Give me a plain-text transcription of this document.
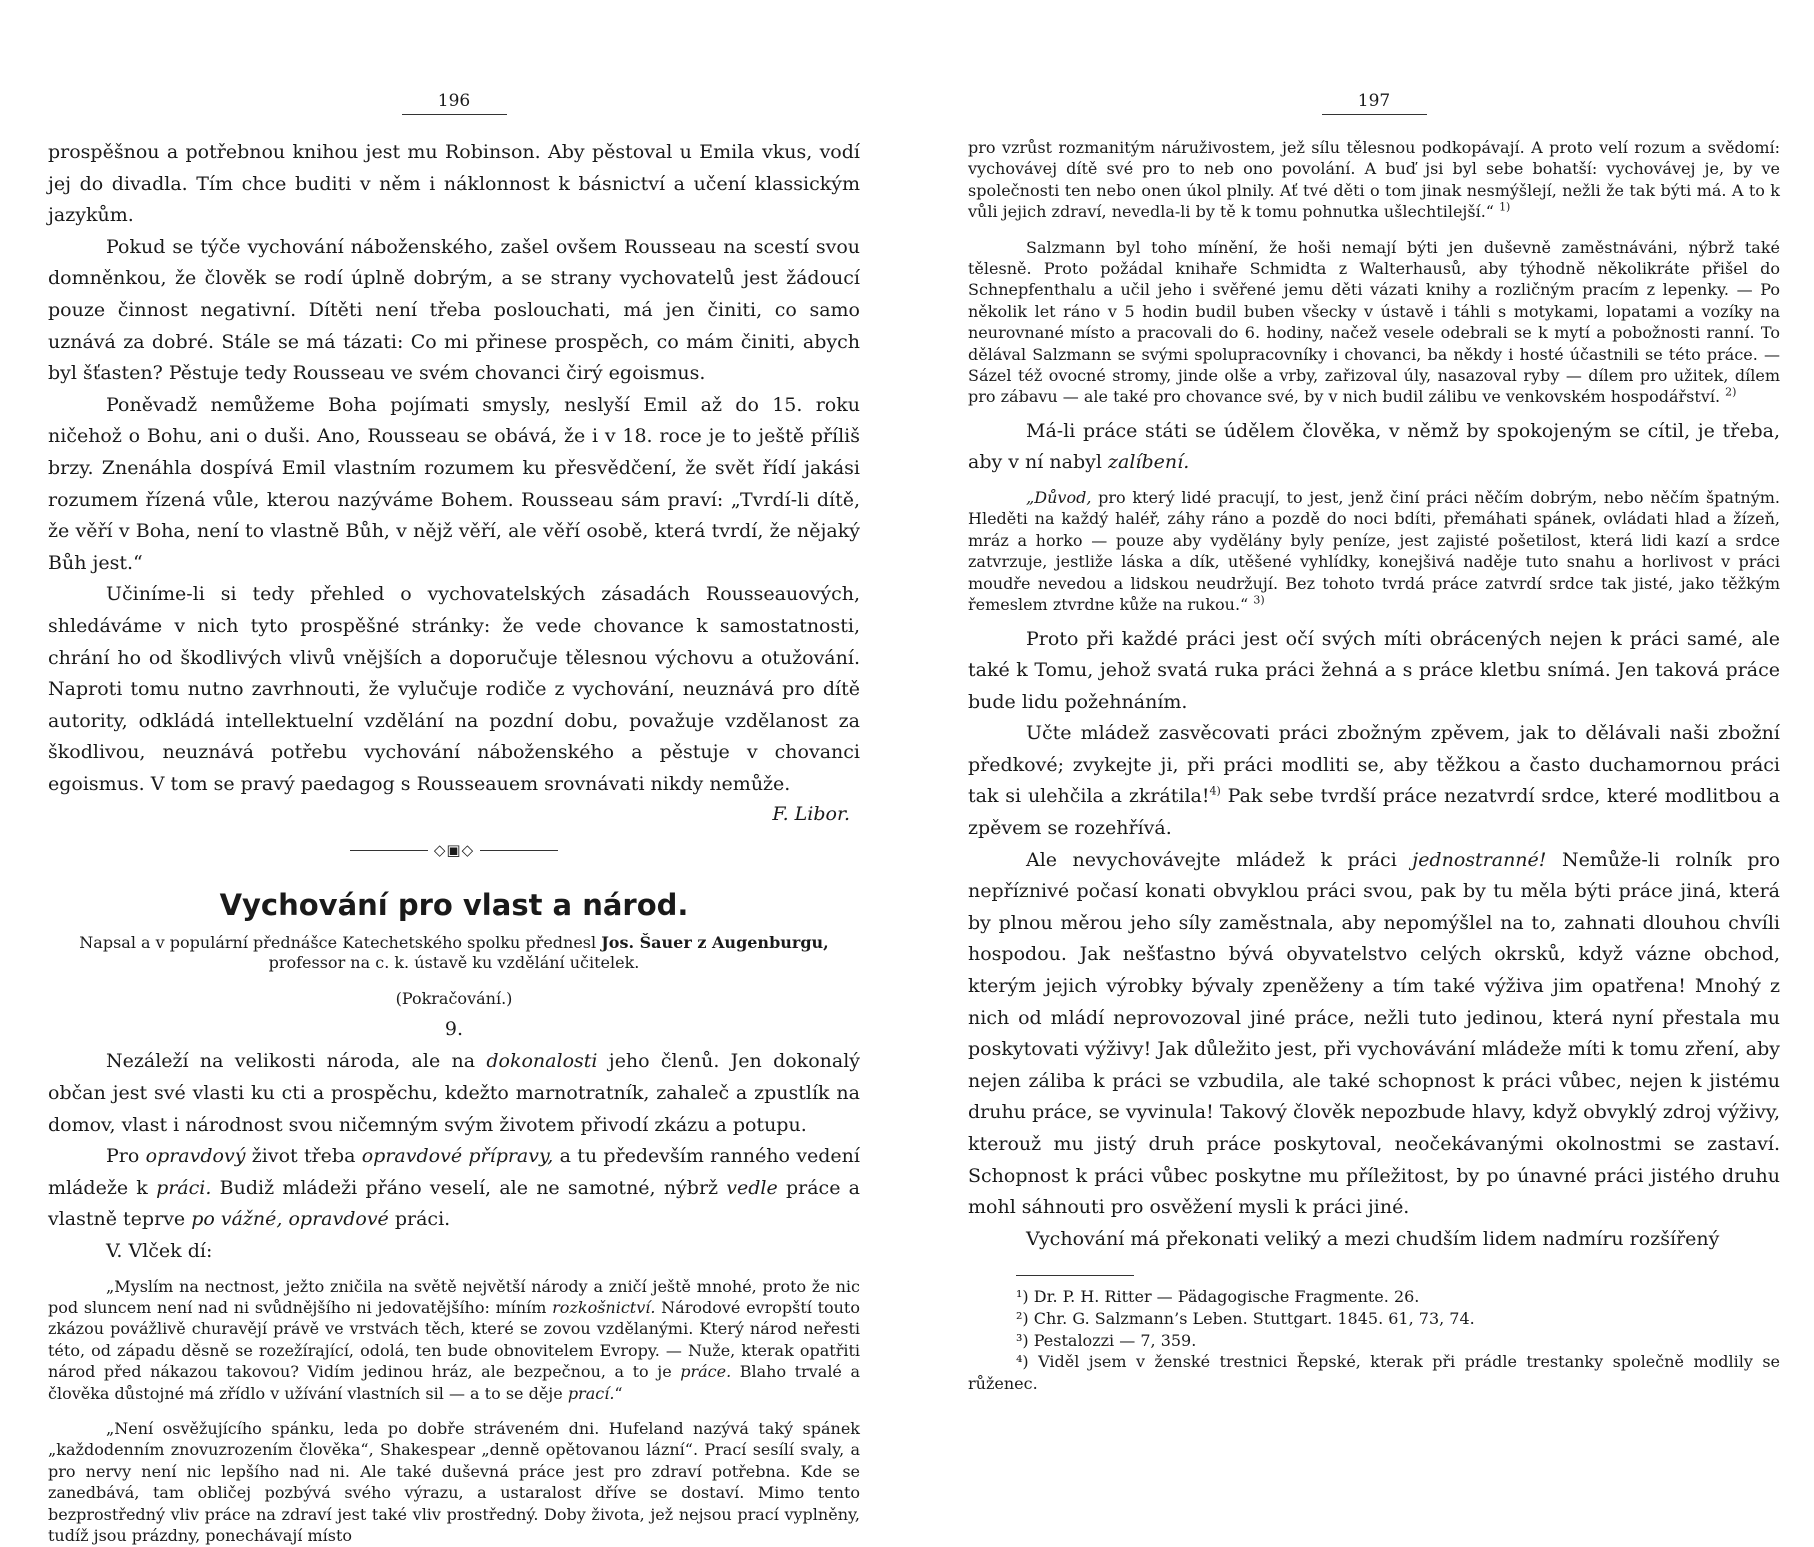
196

prospěšnou a potřebnou knihou jest mu Robinson. Aby pěstoval u Emila vkus, vodí jej do divadla. Tím chce buditi v něm i náklonnost k básnictví a učení klassickým jazykům.

Pokud se týče vychování náboženského, zašel ovšem Rousseau na scestí svou domněnkou, že člověk se rodí úplně dobrým, a se strany vychovatelů jest žádoucí pouze činnost negativní. Dítěti není třeba poslouchati, má jen činiti, co samo uznává za dobré. Stále se má tázati: Co mi přinese prospěch, co mám činiti, abych byl šťasten? Pěstuje tedy Rousseau ve svém chovanci čirý egoismus.

Poněvadž nemůžeme Boha pojímati smysly, neslyší Emil až do 15. roku ničehož o Bohu, ani o duši. Ano, Rousseau se obává, že i v 18. roce je to ještě příliš brzy. Znenáhla dospívá Emil vlastním rozumem ku přesvědčení, že svět řídí jakási rozumem řízená vůle, kterou nazýváme Bohem. Rousseau sám praví: „Tvrdí-li dítě, že věří v Boha, není to vlastně Bůh, v nějž věří, ale věří osobě, která tvrdí, že nějaký Bůh jest.“

Učiníme-li si tedy přehled o vychovatelských zásadách Rousseauových, shledáváme v nich tyto prospěšné stránky: že vede chovance k samostatnosti, chrání ho od škodlivých vlivů vnějších a doporučuje tělesnou výchovu a otužování. Naproti tomu nutno zavrhnouti, že vylučuje rodiče z vychování, neuznává pro dítě autority, odkládá intellektuelní vzdělání na pozdní dobu, považuje vzdělanost za škodlivou, neuznává potřebu vychování náboženského a pěstuje v chovanci egoismus. V tom se pravý paedagog s Rousseauem srovnávati nikdy nemůže.

F. Libor.
◇▣◇
Vychování pro vlast a národ.

Napsal a v populární přednášce Katechetského spolku přednesl Jos. Šauer z Augenburgu,
professor na c. k. ústavě ku vzdělání učitelek.

(Pokračování.)
9.

Nezáleží na velikosti národa, ale na dokonalosti jeho členů. Jen dokonalý občan jest své vlasti ku cti a prospěchu, kdežto marnotratník, zahaleč a zpustlík na domov, vlast i národnost svou ničemným svým životem přivodí zkázu a potupu.

Pro opravdový život třeba opravdové přípravy, a tu především ranného vedení mládeže k práci. Budiž mládeži přáno veselí, ale ne samotné, nýbrž vedle práce a vlastně teprve po vážné, opravdové práci.

V. Vlček dí:

„Myslím na nectnost, ježto zničila na světě největší národy a zničí ještě mnohé, proto že nic pod sluncem není nad ni svůdnějšího ni jedovatějšího: míním rozkošnictví. Národové evropští touto zkázou povážlivě churavějí právě ve vrstvách těch, které se zovou vzdělanými. Který národ neřesti této, od západu děsně se rozežírající, odolá, ten bude obnovitelem Evropy. — Nuže, kterak opatřiti národ před nákazou takovou? Vidím jedinou hráz, ale bezpečnou, a to je práce. Blaho trvalé a člověka důstojné má zřídlo v užívání vlastních sil — a to se děje prací.“

„Není osvěžujícího spánku, leda po dobře stráveném dni. Hufeland nazývá taký spánek „každodenním znovuzrozením člověka“, Shakespear „denně opětovanou lázní“. Prací sesílí svaly, a pro nervy není nic lepšího nad ni. Ale také duševná práce jest pro zdraví potřebna. Kde se zanedbává, tam obličej pozbývá svého výrazu, a ustaralost dříve se dostaví. Mimo tento bezprostředný vliv práce na zdraví jest také vliv prostředný. Doby života, jež nejsou prací vyplněny, tudíž jsou prázdny, ponechávají místo

197

pro vzrůst rozmanitým náruživostem, jež sílu tělesnou podkopávají. A proto velí rozum a svědomí: vychovávej dítě své pro to neb ono povolání. A buď jsi byl sebe bohatší: vychovávej je, by ve společnosti ten nebo onen úkol plnily. Ať tvé děti o tom jinak nesmýšlejí, nežli že tak býti má. A to k vůli jejich zdraví, nevedla-li by tě k tomu pohnutka ušlechtilejší.“ $^{1)}$

Salzmann byl toho mínění, že hoši nemají býti jen duševně zaměstnáváni, nýbrž také tělesně. Proto požádal knihaře Schmidta z Walterhausů, aby týhodně několikráte přišel do Schnepfenthalu a učil jeho i svěřené jemu děti vázati knihy a rozličným pracím z lepenky. — Po několik let ráno v 5 hodin budil buben všecky v ústavě i táhli s motykami, lopatami a vozíky na neurovnané místo a pracovali do 6. hodiny, načež vesele odebrali se k mytí a pobožnosti ranní. To dělával Salzmann se svými spolupracovníky i chovanci, ba někdy i hosté účastnili se této práce. — Sázel též ovocné stromy, jinde olše a vrby, zařizoval úly, nasazoval ryby — dílem pro užitek, dílem pro zábavu — ale také pro chovance své, by v nich budil zálibu ve venkovském hospodářství. $^{2)}$

Má-li práce státi se údělem člověka, v němž by spokojeným se cítil, je třeba, aby v ní nabyl zalíbení.

„Důvod, pro který lidé pracují, to jest, jenž činí práci něčím dobrým, nebo něčím špatným. Hleděti na každý haléř, záhy ráno a pozdě do noci bdíti, přemáhati spánek, ovládati hlad a žízeň, mráz a horko — pouze aby vydělány byly peníze, jest zajisté pošetilost, která lidi kazí a srdce zatvrzuje, jestliže láska a dík, utěšené vyhlídky, konejšivá naděje tuto snahu a horlivost v práci moudře nevedou a lidskou neudržují. Bez tohoto tvrdá práce zatvrdí srdce tak jisté, jako těžkým řemeslem ztvrdne kůže na rukou.“ $^{3)}$

Proto při každé práci jest očí svých míti obrácených nejen k práci samé, ale také k Tomu, jehož svatá ruka práci žehná a s práce kletbu snímá. Jen taková práce bude lidu požehnáním.

Učte mládež zasvěcovati práci zbožným zpěvem, jak to dělávali naši zbožní předkové; zvykejte ji, při práci modliti se, aby těžkou a často duchamornou práci tak si ulehčila a zkrátila!$^{4)}$ Pak sebe tvrdší práce nezatvrdí srdce, které modlitbou a zpěvem se rozehřívá.

Ale nevychovávejte mládež k práci jednostranné! Nemůže-li rolník pro nepříznivé počasí konati obvyklou práci svou, pak by tu měla býti práce jiná, která by plnou měrou jeho síly zaměstnala, aby nepomýšlel na to, zahnati dlouhou chvíli hospodou. Jak nešťastno bývá obyvatelstvo celých okrsků, když vázne obchod, kterým jejich výrobky bývaly zpeněženy a tím také výživa jim opatřena! Mnohý z nich od mládí neprovozoval jiné práce, nežli tuto jedinou, která nyní přestala mu poskytovati výživy! Jak důležito jest, při vychovávání mládeže míti k tomu zření, aby nejen záliba k práci se vzbudila, ale také schopnost k práci vůbec, nejen k jistému druhu práce, se vyvinula! Takový člověk nepozbude hlavy, když obvyklý zdroj výživy, kterouž mu jistý druh práce poskytoval, neočekávanými okolnostmi se zastaví. Schopnost k práci vůbec poskytne mu příležitost, by po únavné práci jistého druhu mohl sáhnouti pro osvěžení mysli k práci jiné.

Vychování má překonati veliký a mezi chudším lidem nadmíru rozšířený

¹) Dr. P. H. Ritter — Pädagogische Fragmente. 26.

²) Chr. G. Salzmann’s Leben. Stuttgart. 1845. 61, 73, 74.

³) Pestalozzi — 7, 359.

⁴) Viděl jsem v ženské trestnici Řepské, kterak při prádle trestanky společně modlily se růženec.
